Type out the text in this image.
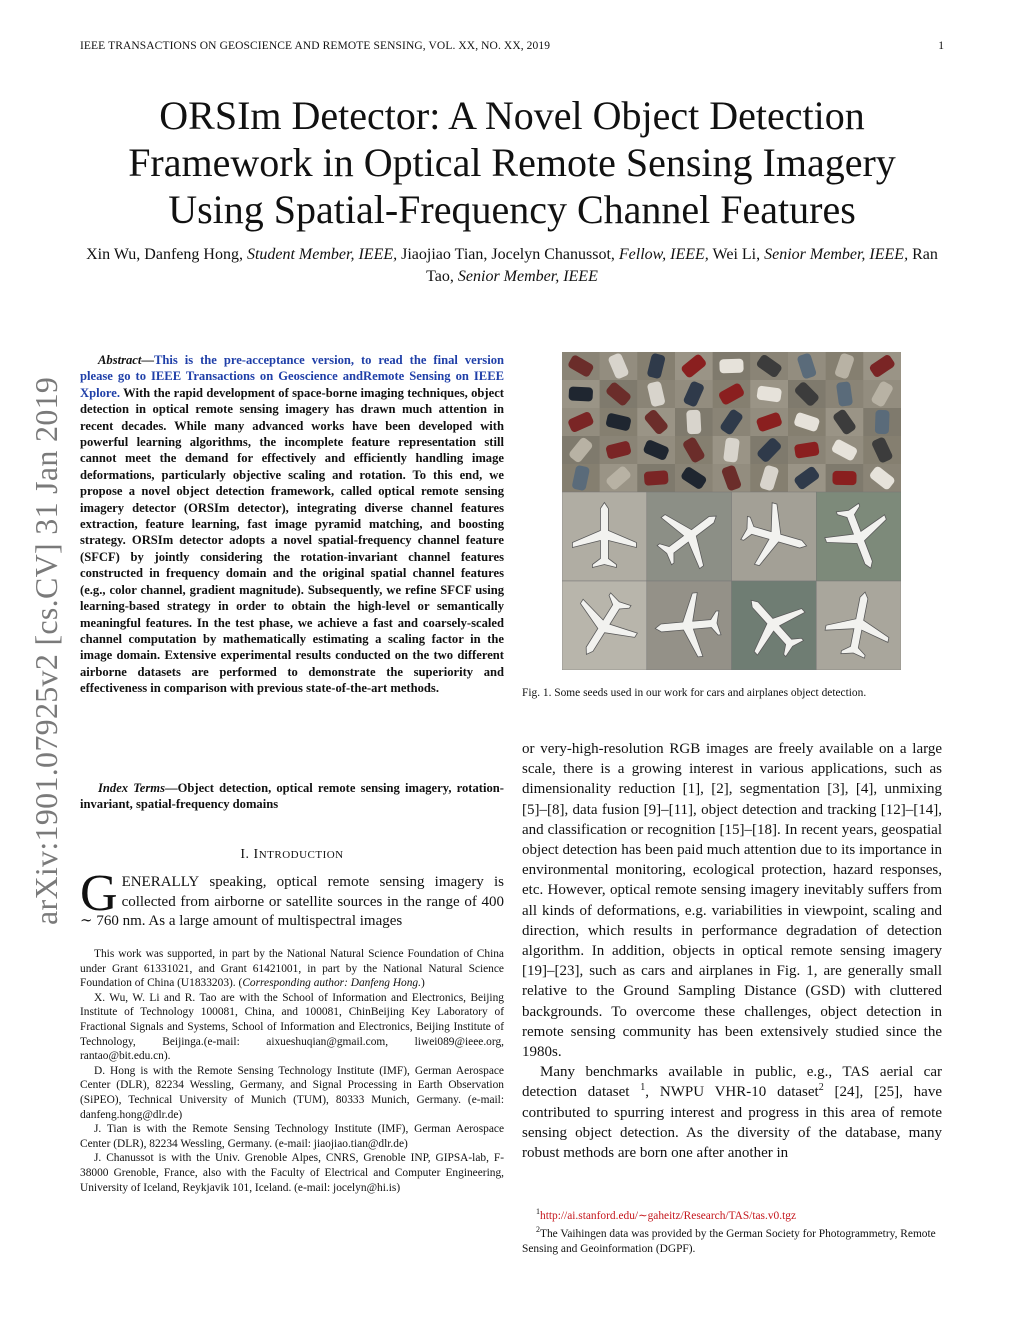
IEEE TRANSACTIONS ON GEOSCIENCE AND REMOTE SENSING, VOL. XX, NO. XX, 2019	1
arXiv:1901.07925v2 [cs.CV] 31 Jan 2019
ORSIm Detector: A Novel Object Detection
Framework in Optical Remote Sensing Imagery
Using Spatial-Frequency Channel Features
Xin Wu, Danfeng Hong, Student Member, IEEE, Jiaojiao Tian, Jocelyn Chanussot, Fellow, IEEE, Wei Li, Senior Member, IEEE, Ran Tao, Senior Member, IEEE
Abstract—This is the pre-acceptance version, to read the final version please go to IEEE Transactions on Geoscience andRemote Sensing on IEEE Xplore. With the rapid development of space-borne imaging techniques, object detection in optical remote sensing imagery has drawn much attention in recent decades. While many advanced works have been developed with powerful learning algorithms, the incomplete feature representation still cannot meet the demand for effectively and efficiently handling image deformations, particularly objective scaling and rotation. To this end, we propose a novel object detection framework, called optical remote sensing imagery detector (ORSIm detector), integrating diverse channel features extraction, feature learning, fast image pyramid matching, and boosting strategy. ORSIm detector adopts a novel spatial-frequency channel feature (SFCF) by jointly considering the rotation-invariant channel features constructed in frequency domain and the original spatial channel features (e.g., color channel, gradient magnitude). Subsequently, we refine SFCF using learning-based strategy in order to obtain the high-level or semantically meaningful features. In the test phase, we achieve a fast and coarsely-scaled channel computation by mathematically estimating a scaling factor in the image domain. Extensive experimental results conducted on the two different airborne datasets are performed to demonstrate the superiority and effectiveness in comparison with previous state-of-the-art methods.
Index Terms—Object detection, optical remote sensing imagery, rotation-invariant, spatial-frequency domains
I. INTRODUCTION
GENERALLY speaking, optical remote sensing imagery is collected from airborne or satellite sources in the range of 400 ∼ 760 nm. As a large amount of multispectral images

This work was supported, in part by the National Natural Science Foundation of China under Grant 61331021, and Grant 61421001, in part by the National Natural Science Foundation of China (U1833203). (Corresponding author: Danfeng Hong.)

X. Wu, W. Li and R. Tao are with the School of Information and Electronics, Beijing Institute of Technology 100081, China, and 100081, ChinBeijing Key Laboratory of Fractional Signals and Systems, School of Information and Electronics, Beijing Institute of Technology, Beijinga.(e-mail: aixueshuqian@gmail.com, liwei089@ieee.org, rantao@bit.edu.cn).

D. Hong is with the Remote Sensing Technology Institute (IMF), German Aerospace Center (DLR), 82234 Wessling, Germany, and Signal Processing in Earth Observation (SiPEO), Technical University of Munich (TUM), 80333 Munich, Germany. (e-mail: danfeng.hong@dlr.de)

J. Tian is with the Remote Sensing Technology Institute (IMF), German Aerospace Center (DLR), 82234 Wessling, Germany. (e-mail: jiaojiao.tian@dlr.de)

J. Chanussot is with the Univ. Grenoble Alpes, CNRS, Grenoble INP, GIPSA-lab, F-38000 Grenoble, France, also with the Faculty of Electrical and Computer Engineering, University of Iceland, Reykjavik 101, Iceland. (e-mail: jocelyn@hi.is)

Fig. 1. Some seeds used in our work for cars and airplanes object detection.

or very-high-resolution RGB images are freely available on a large scale, there is a growing interest in various applications, such as dimensionality reduction [1], [2], segmentation [3], [4], unmixing [5]–[8], data fusion [9]–[11], object detection and tracking [12]–[14], and classification or recognition [15]–[18]. In recent years, geospatial object detection has been paid much attention due to its importance in environmental monitoring, ecological protection, hazard responses, etc. However, optical remote sensing imagery inevitably suffers from all kinds of deformations, e.g. variabilities in viewpoint, scaling and direction, which results in performance degradation of detection algorithm. In addition, objects in optical remote sensing imagery [19]–[23], such as cars and airplanes in Fig. 1, are generally small relative to the Ground Sampling Distance (GSD) with cluttered backgrounds. To overcome these challenges, object detection in remote sensing community has been extensively studied since the 1980s.

Many benchmarks available in public, e.g., TAS aerial car detection dataset $^1$, NWPU VHR-10 dataset$^2$ [24], [25], have contributed to spurring interest and progress in this area of remote sensing object detection. As the diversity of the database, many robust methods are born one after another in

$^1$http://ai.stanford.edu/∼gaheitz/Research/TAS/tas.v0.tgz

$^2$The Vaihingen data was provided by the German Society for Photogrammetry, Remote Sensing and Geoinformation (DGPF).
